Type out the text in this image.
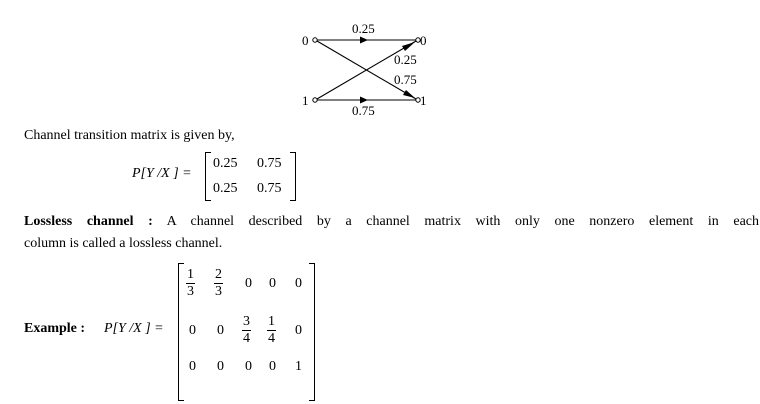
0
1
0
1
0.25
0.25
0.75
0.75
Channel transition matrix is given by,
P[Y /X ] =
0.25 0.75
0.25 0.75
Lossless channel : A channel described by a channel matrix with only one nonzero element in each
column is called a lossless channel.
Example : P[Y /X ] =
$\frac{1}{3} \frac{2}{3} 0$ 0 0
0 $0 \frac{3}{4} \frac{1}{4} 0$
0 0 0 0 1
